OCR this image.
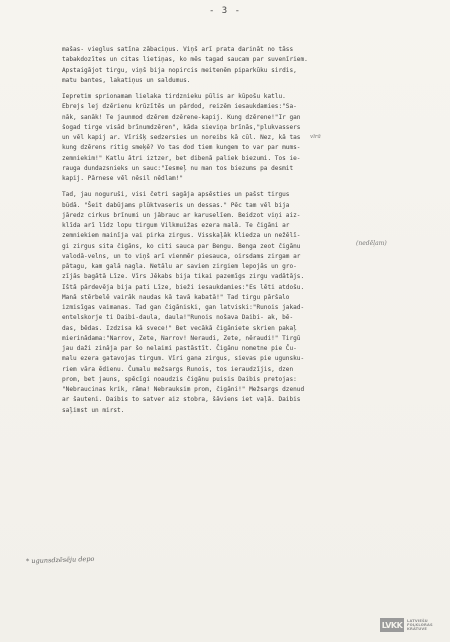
- 3 -
mašas- vieglus satīna zābaciņus. Viņš arī prata darināt no tāss
tabakdozītes un citas lietiņas, ko mēs tagad saucam par suvenīriem.
Apstaigājot tirgu, viņš bija nopircis meitenēm piparkūku sirdis,
matu bantes, lakatiņus un saldumus.
Iepretim sprionamam lielaka tirdznieku pūlis ar kūpošu katlu.
Ebrejs lej dzērienu krūzītēs un pārdod, reizēm iesaukdamies:"Sa-
nāk, sanāk! Te jaunmod dzērem dzērene-kapij. Kung dzērene!"Ir gan
šogad tirge visād brīnumdzēren", kāda sieviņa brīnās,"plukvassers
un vēl kapij ar. Vīrišķ sedzersies un noreibs kā cūl. Nez, kā tas
kung dzērens ritig smeķē? Vo tas dod tiem kungem to var par mums-
zemniekim!" Katlu ātri iztzer, bet dibenā paliek biezumi. Tos ie-
rauga dundazsnieks un sauc:"Iesmeļ nu man tos biezums pa desmit
kapij. Pārnese vēl nēsil nēdlam!"
Tad, jau noguruši, visi četri sagāja apsēsties un pašst tirgus
būdā. "Šeit dabūjams plūktvaseris un dessas." Pēc tam vēl bija
jāredz cirkus brīnumi un jābrauc ar karuselīem. Beidzot viņi aiz-
klīda arī līdz lopu tirgum Vilkmuižas ezera malā. Te čigāni ar
zemniekiem mainīja vai pirka zirgus. Visskaļāk kliedza un nežēlī-
gi zirgus sita čigāns, ko citi sauca par Bengu. Benga zeot čigānu
valodā-velns, un to viņš arī vienmēr piesauca, oirsdams zirgam ar
pātagu, kam galā nagla. Netālu ar saviem zirgiem lepojās un gro-
zījās bagātā Līze. Vīrs Jēkabs bija tikai pazemīgs zirgu vadātājs.
Ištā pārdevēja bija pati Līze, bieži iesaukdamies:"Es lēti atdošu.
Manā stērbelē vairāk naudas kā tavā kabatā!" Tad tirgu pāršalo
izmisīgas vaimanas. Tad gan čigāniski, gan latviski:"Runois jakad-
entelskorje ti Daibi-daula, daula!"Runois nošava Daibi- ak, bē-
das, bēdas. Izdzisa kā svece!" Bet vecākā čigāniete skrien pakaļ
mierinādama:"Narrov, Zete, Narrov! Neraudi, Zete, nēraudi!" Tirgū
jau daži zināja par šo nelaimi pastāstīt. Čigānu nometne pie Ču-
malu ezera gatavojas tirgum. Vīri gana zirgus, sievas pie ugunsku-
riem vāra ēdienu. Čumalu mežsargs Runois, tos ieraudzījis, dzen
prom, bet jauns, spēcīgi noaudzis čigānu puisis Daibis pretojas:
"Nebraucinas krik, rāma! Nebrauksim prom, čigāni!" Mežsargs dzenud
ar šauteni. Daibis to satver aiz stobra, šāviens iet vaļā. Daibis
saļimst un mirst.
vīrā
(nedēļam)
* ugunsdzēsēju depo
LVKK	LATVIEŠU
FOLKLORAS
KRĀTUVE
